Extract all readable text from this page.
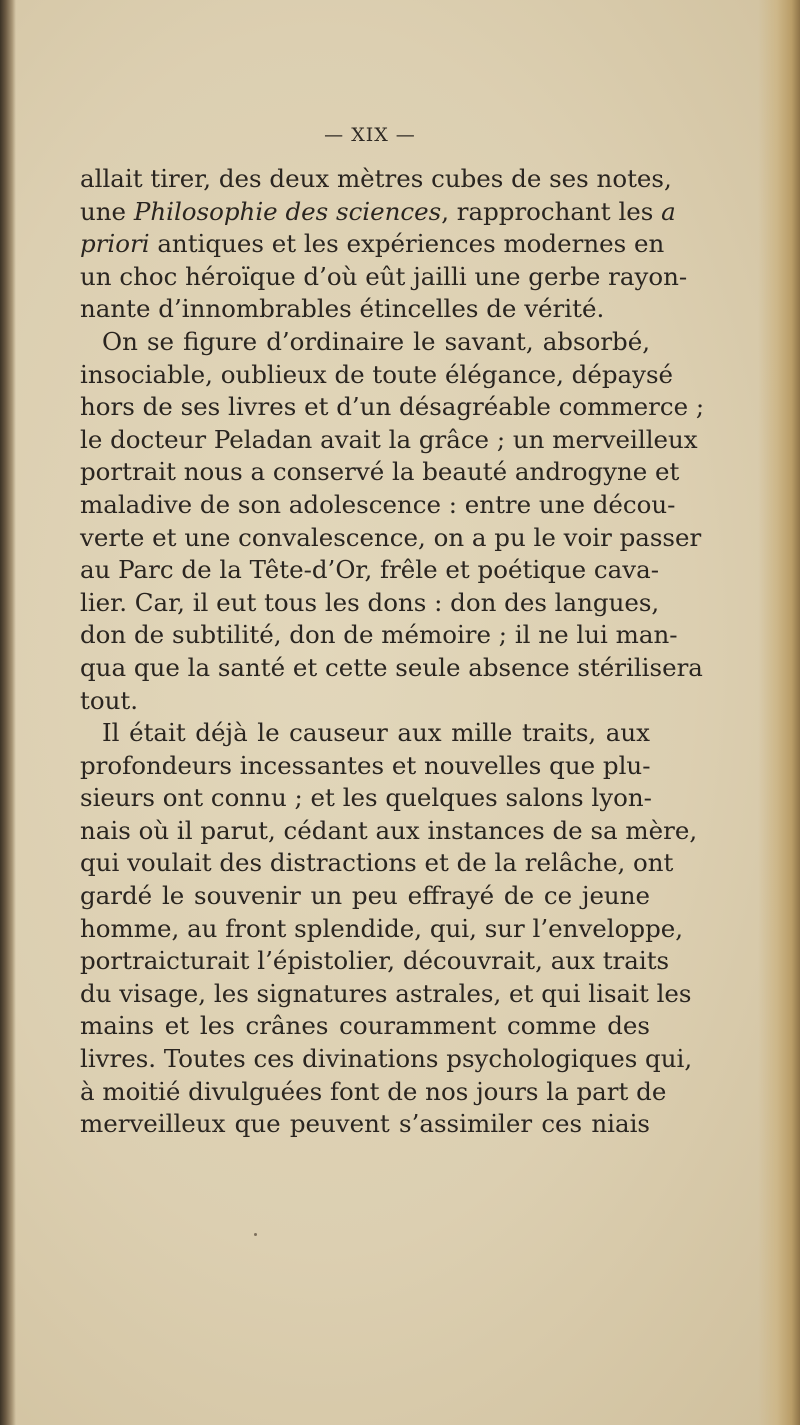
— XIX —
allait tirer, des deux mètres cubes de ses notes,
une Philosophie des sciences, rapprochant les a
priori antiques et les expériences modernes en
un choc héroïque d’où eût jailli une gerbe rayon-
nante d’innombrables étincelles de vérité.
On se figure d’ordinaire le savant, absorbé,
insociable, oublieux de toute élégance, dépaysé
hors de ses livres et d’un désagréable commerce ;
le docteur Peladan avait la grâce ; un merveilleux
portrait nous a conservé la beauté androgyne et
maladive de son adolescence : entre une décou-
verte et une convalescence, on a pu le voir passer
au Parc de la Tête-d’Or, frêle et poétique cava-
lier. Car, il eut tous les dons : don des langues,
don de subtilité, don de mémoire ; il ne lui man-
qua que la santé et cette seule absence stérilisera
tout.
Il était déjà le causeur aux mille traits, aux
profondeurs incessantes et nouvelles que plu-
sieurs ont connu ; et les quelques salons lyon-
nais où il parut, cédant aux instances de sa mère,
qui voulait des distractions et de la relâche, ont
gardé le souvenir un peu effrayé de ce jeune
homme, au front splendide, qui, sur l’enveloppe,
portraicturait l’épistolier, découvrait, aux traits
du visage, les signatures astrales, et qui lisait les
mains et les crânes couramment comme des
livres. Toutes ces divinations psychologiques qui,
à moitié divulguées font de nos jours la part de
merveilleux que peuvent s’assimiler ces niais
